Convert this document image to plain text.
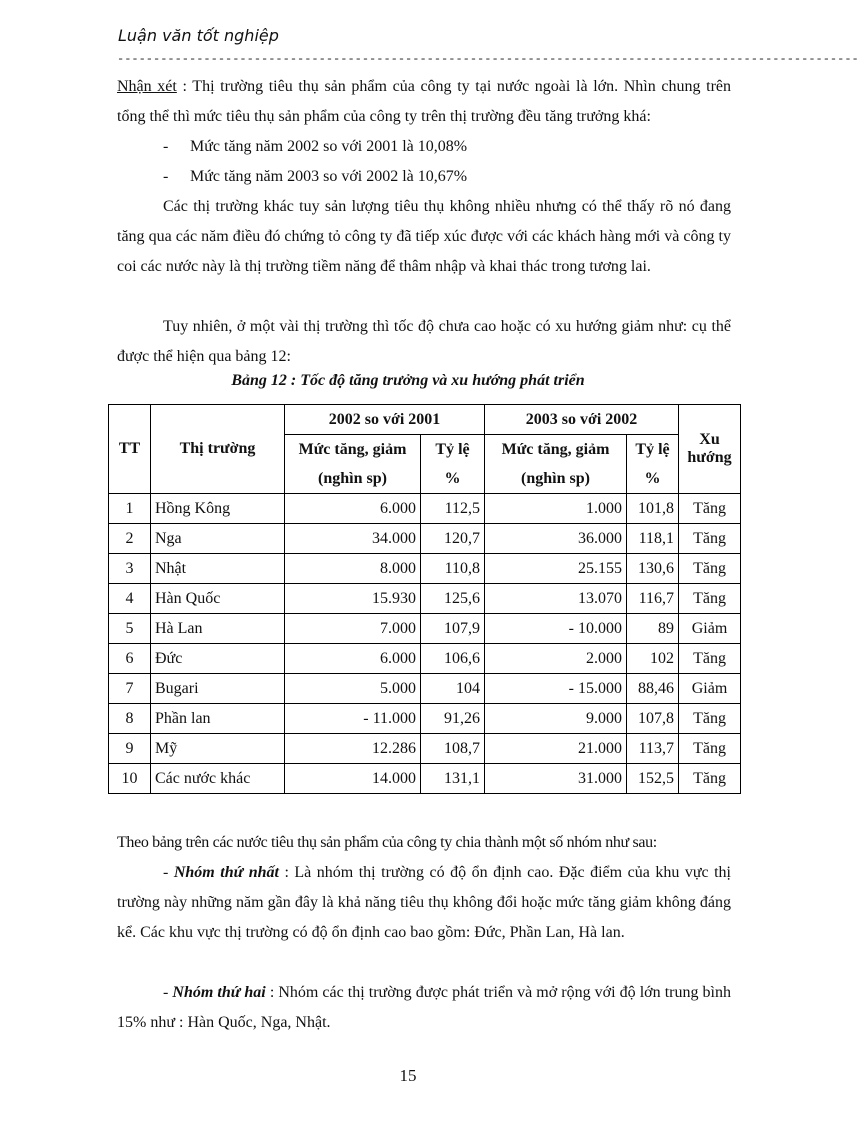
Luận văn tốt nghiệp
-------------------------------------------------------------------------------------------------------

Nhận xét : Thị trường tiêu thụ sản phẩm của công ty tại nước ngoài là lớn. Nhìn chung trên tổng thể thì mức tiêu thụ sản phẩm của công ty trên thị trường đều tăng trưởng khá:

- Mức tăng năm 2002 so với 2001 là 10,08%
- Mức tăng năm 2003 so với 2002 là 10,67%

Các thị trường khác tuy sản lượng tiêu thụ không nhiều nhưng có thể thấy rõ nó đang tăng qua các năm điều đó chứng tỏ công ty đã tiếp xúc được với các khách hàng mới và công ty coi các nước này là thị trường tiềm năng để thâm nhập và khai thác trong tương lai.

Tuy nhiên, ở một vài thị trường thì tốc độ chưa cao hoặc có xu hướng giảm như: cụ thể được thể hiện qua bảng 12:

Bảng 12 : Tốc độ tăng trưởng và xu hướng phát triển
TT	Thị trường	2002 so với 2001		2003 so với 2002		Xu
hướng
		Mức tăng, giảm	Tỷ lệ	Mức tăng, giảm	Tỷ lệ	
		(nghìn sp)	%	(nghìn sp)	%	
1	Hồng Kông	6.000	112,5	1.000	101,8	Tăng
2	Nga	34.000	120,7	36.000	118,1	Tăng
3	Nhật	8.000	110,8	25.155	130,6	Tăng
4	Hàn Quốc	15.930	125,6	13.070	116,7	Tăng
5	Hà Lan	7.000	107,9	- 10.000	89	Giảm
6	Đức	6.000	106,6	2.000	102	Tăng
7	Bugari	5.000	104	- 15.000	88,46	Giảm
8	Phần lan	- 11.000	91,26	9.000	107,8	Tăng
9	Mỹ	12.286	108,7	21.000	113,7	Tăng
10	Các nước khác	14.000	131,1	31.000	152,5	Tăng

Theo bảng trên các nước tiêu thụ sản phẩm của công ty chia thành một số nhóm như sau:

- Nhóm thứ nhất : Là nhóm thị trường có độ ổn định cao. Đặc điểm của khu vực thị trường này những năm gần đây là khả năng tiêu thụ không đổi hoặc mức tăng giảm không đáng kể. Các khu vực thị trường có độ ổn định cao bao gồm: Đức, Phần Lan, Hà lan.

- Nhóm thứ hai : Nhóm các thị trường được phát triển và mở rộng với độ lớn trung bình 15% như : Hàn Quốc, Nga, Nhật.

15
